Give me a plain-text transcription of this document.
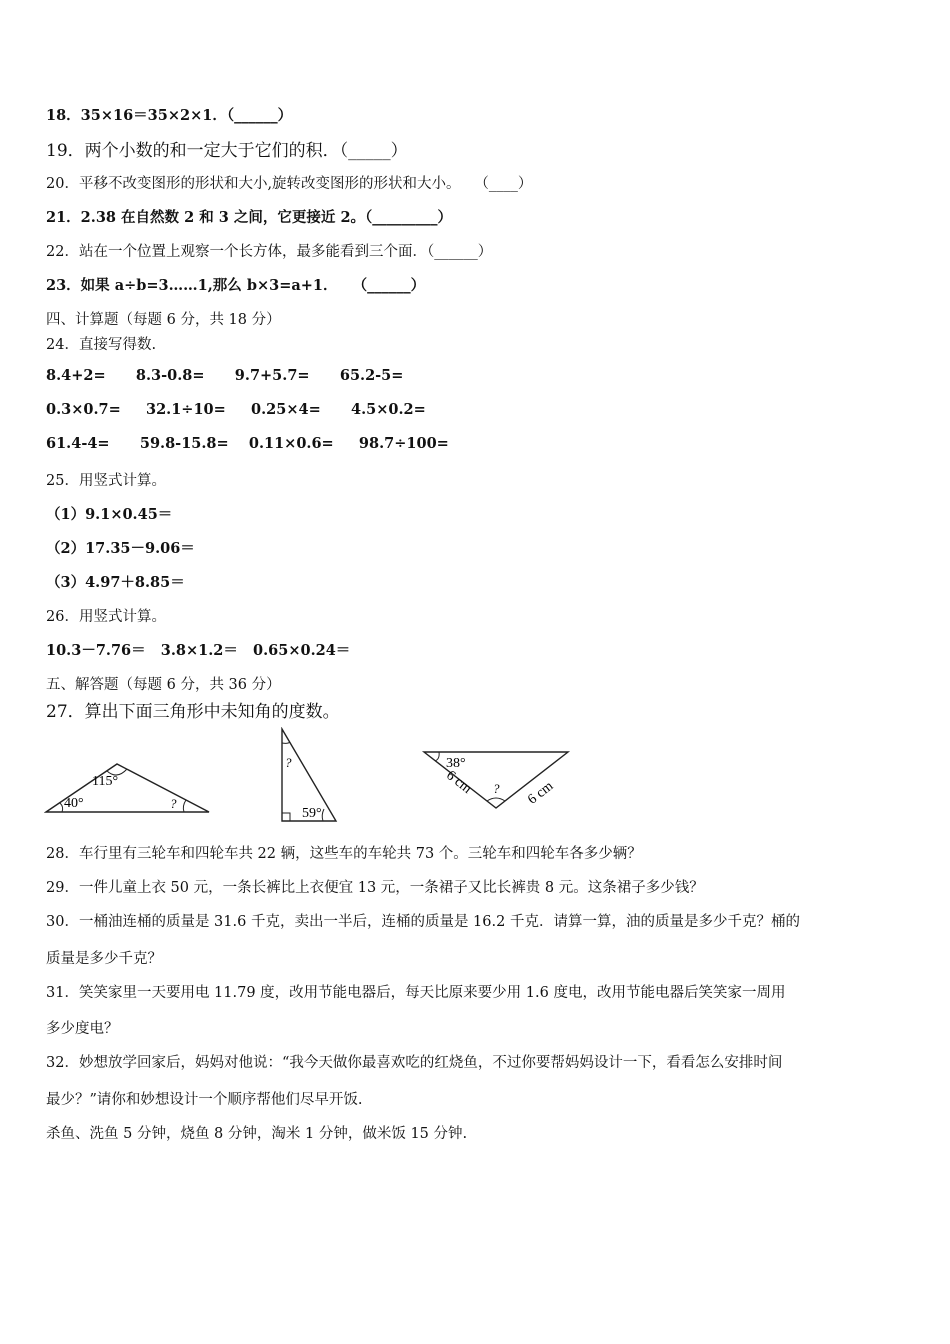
18．35×16＝35×2×1．（______）
19．两个小数的和一定大于它们的积．（_____）
20．平移不改变图形的形状和大小,旋转改变图形的形状和大小。   （____）
21．2.38 在自然数 2 和 3 之间，它更接近 2。（_________）
22．站在一个位置上观察一个长方体，最多能看到三个面．（______）
23．如果 a÷b=3……1,那么 b×3=a+1．   （______）
四、计算题（每题 6 分，共 18 分）
24．直接写得数.
8.4+2=      8.3-0.8=      9.7+5.7=      65.2-5=
0.3×0.7=     32.1÷10=     0.25×4=      4.5×0.2=
61.4-4=      59.8-15.8=    0.11×0.6=     98.7÷100=
25．用竖式计算。
（1）9.1×0.45＝
（2）17.35－9.06＝
（3）4.97＋8.85＝
26．用竖式计算。
10.3－7.76＝   3.8×1.2＝   0.65×0.24＝
五、解答题（每题 6 分，共 36 分）
27．算出下面三角形中未知角的度数。
115°
40°	?
?
59°
38°
?
6 cm	6 cm
28．车行里有三轮车和四轮车共 22 辆，这些车的车轮共 73 个。三轮车和四轮车各多少辆？
29．一件儿童上衣 50 元，一条长裤比上衣便宜 13 元，一条裙子又比长裤贵 8 元。这条裙子多少钱？
30．一桶油连桶的质量是 31.6 千克，卖出一半后，连桶的质量是 16.2 千克．请算一算，油的质量是多少千克？桶的
质量是多少千克？
31．笑笑家里一天要用电 11.79 度，改用节能电器后，每天比原来要少用 1.6 度电，改用节能电器后笑笑家一周用
多少度电？
32．妙想放学回家后，妈妈对他说：“我今天做你最喜欢吃的红烧鱼，不过你要帮妈妈设计一下，看看怎么安排时间
最少？”请你和妙想设计一个顺序帮他们尽早开饭.
杀鱼、洗鱼 5 分钟，烧鱼 8 分钟，淘米 1 分钟，做米饭 15 分钟.
